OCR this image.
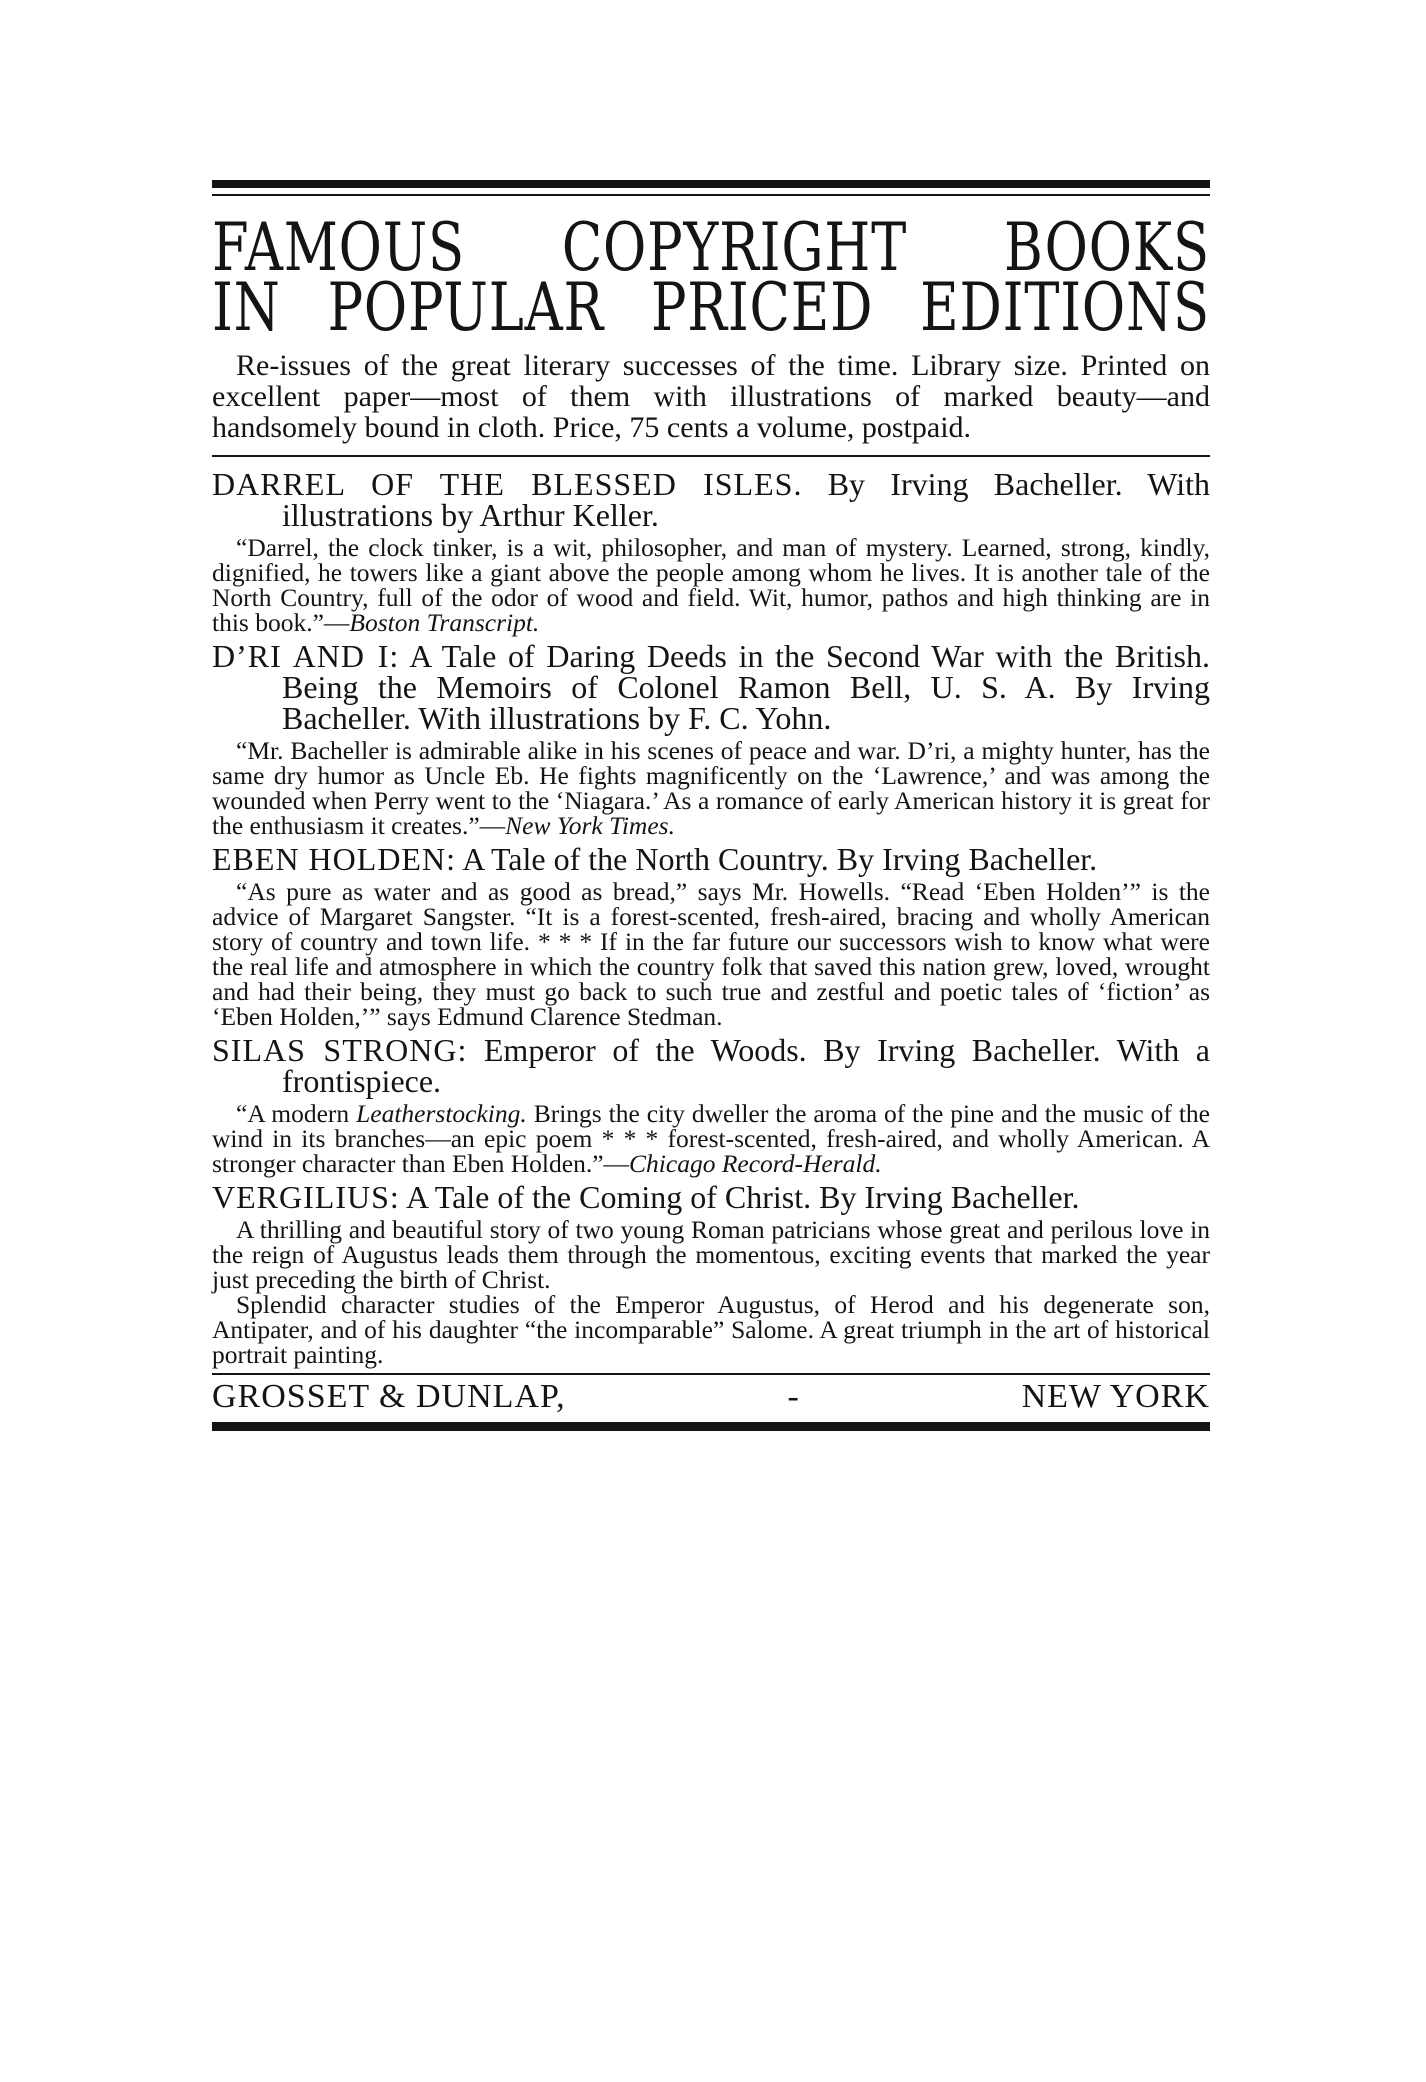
FAMOUS COPYRIGHT BOOKS
IN POPULAR PRICED EDITIONS

Re-issues of the great literary successes of the time. Library size. Printed on excellent paper—most of them with illustrations of marked beauty—and handsomely bound in cloth. Price, 75 cents a volume, postpaid.

DARREL OF THE BLESSED ISLES. By Irving Bacheller. With illustrations by Arthur Keller.

“Darrel, the clock tinker, is a wit, philosopher, and man of mystery. Learned, strong, kindly, dignified, he towers like a giant above the people among whom he lives. It is another tale of the North Country, full of the odor of wood and field. Wit, humor, pathos and high thinking are in this book.”—Boston Transcript.

D’RI AND I: A Tale of Daring Deeds in the Second War with the British. Being the Memoirs of Colonel Ramon Bell, U. S. A. By Irving Bacheller. With illustrations by F. C. Yohn.

“Mr. Bacheller is admirable alike in his scenes of peace and war. D’ri, a mighty hunter, has the same dry humor as Uncle Eb. He fights magnificently on the ‘Lawrence,’ and was among the wounded when Perry went to the ‘Niagara.’ As a romance of early American history it is great for the enthusiasm it creates.”—New York Times.

EBEN HOLDEN: A Tale of the North Country. By Irving Bacheller.

“As pure as water and as good as bread,” says Mr. Howells. “Read ‘Eben Holden’” is the advice of Margaret Sangster. “It is a forest-scented, fresh-aired, bracing and wholly American story of country and town life. * * * If in the far future our successors wish to know what were the real life and atmosphere in which the country folk that saved this nation grew, loved, wrought and had their being, they must go back to such true and zestful and poetic tales of ‘fiction’ as ‘Eben Holden,’” says Edmund Clarence Stedman.

SILAS STRONG: Emperor of the Woods. By Irving Bacheller. With a frontispiece.

“A modern Leatherstocking. Brings the city dweller the aroma of the pine and the music of the wind in its branches—an epic poem * * * forest-scented, fresh-aired, and wholly American. A stronger character than Eben Holden.”—Chicago Record-Herald.

VERGILIUS: A Tale of the Coming of Christ. By Irving Bacheller.

A thrilling and beautiful story of two young Roman patricians whose great and perilous love in the reign of Augustus leads them through the momentous, exciting events that marked the year just preceding the birth of Christ.

Splendid character studies of the Emperor Augustus, of Herod and his degenerate son, Antipater, and of his daughter “the incomparable” Salome. A great triumph in the art of historical portrait painting.

GROSSET & DUNLAP,	-	NEW YORK
